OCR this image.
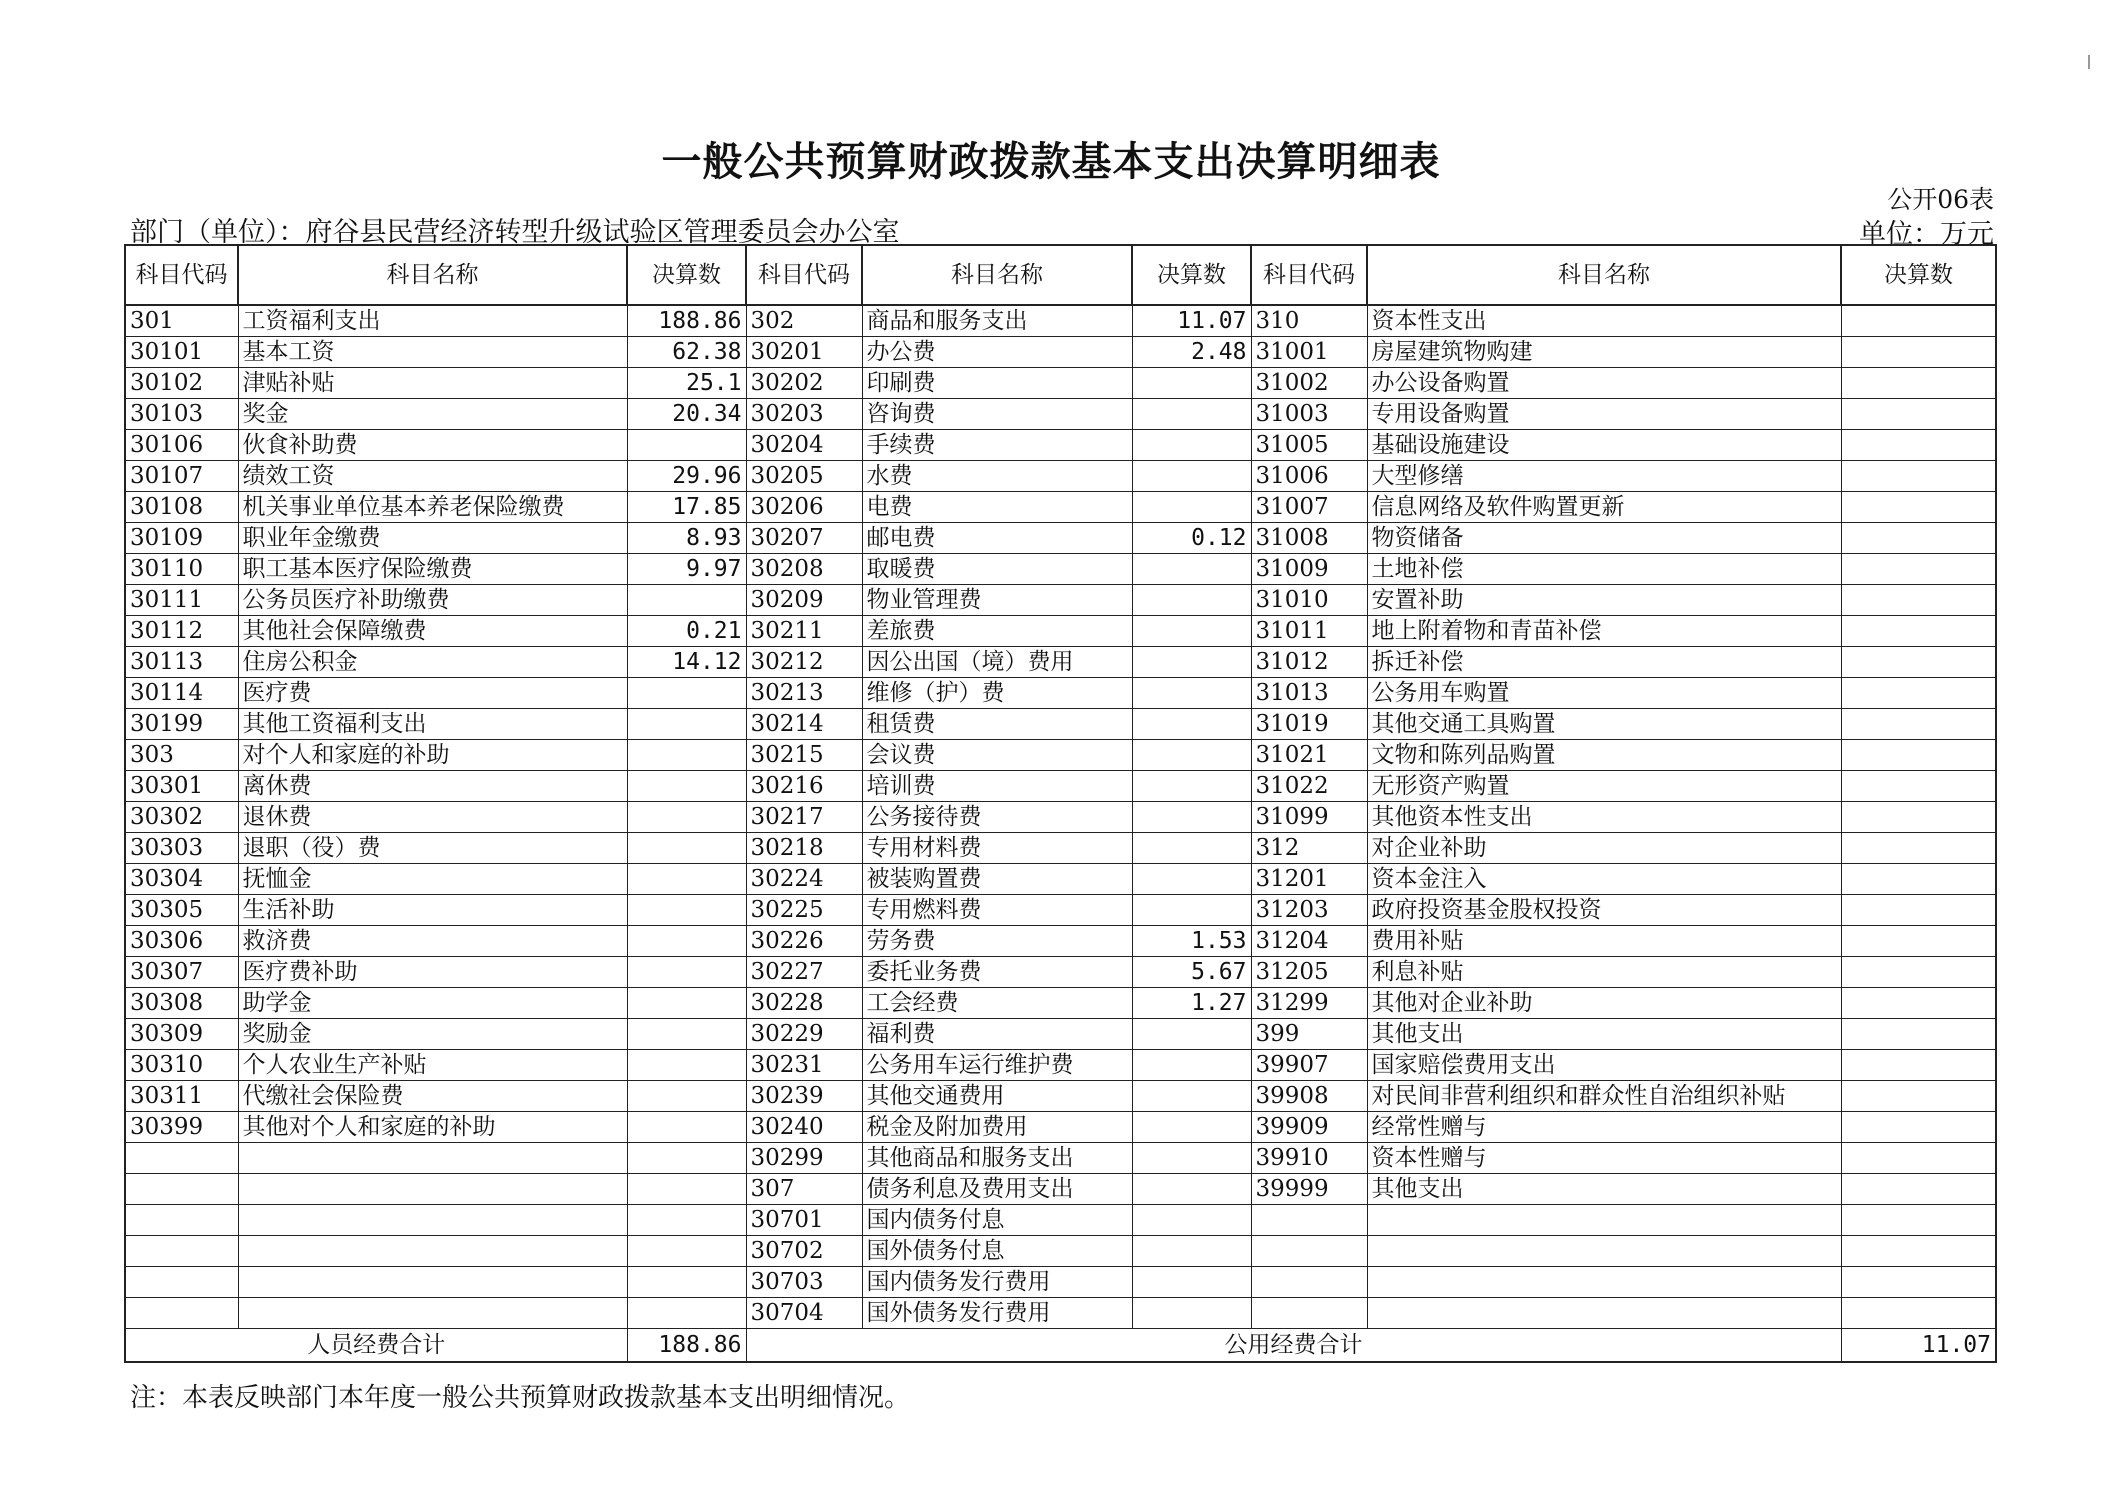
一般公共预算财政拨款基本支出决算明细表
公开06表
部门（单位）：府谷县民营经济转型升级试验区管理委员会办公室	单位：万元
科目代码	科目名称	决算数	科目代码	科目名称	决算数	科目代码	科目名称	决算数
301	工资福利支出	188.86	302	商品和服务支出	11.07	310	资本性支出	
30101	基本工资	62.38	30201	办公费	2.48	31001	房屋建筑物购建	
30102	津贴补贴	25.1	30202	印刷费		31002	办公设备购置	
30103	奖金	20.34	30203	咨询费		31003	专用设备购置	
30106	伙食补助费		30204	手续费		31005	基础设施建设	
30107	绩效工资	29.96	30205	水费		31006	大型修缮	
30108	机关事业单位基本养老保险缴费	17.85	30206	电费		31007	信息网络及软件购置更新	
30109	职业年金缴费	8.93	30207	邮电费	0.12	31008	物资储备	
30110	职工基本医疗保险缴费	9.97	30208	取暖费		31009	土地补偿	
30111	公务员医疗补助缴费		30209	物业管理费		31010	安置补助	
30112	其他社会保障缴费	0.21	30211	差旅费		31011	地上附着物和青苗补偿	
30113	住房公积金	14.12	30212	因公出国（境）费用		31012	拆迁补偿	
30114	医疗费		30213	维修（护）费		31013	公务用车购置	
30199	其他工资福利支出		30214	租赁费		31019	其他交通工具购置	
303	对个人和家庭的补助		30215	会议费		31021	文物和陈列品购置	
30301	离休费		30216	培训费		31022	无形资产购置	
30302	退休费		30217	公务接待费		31099	其他资本性支出	
30303	退职（役）费		30218	专用材料费		312	对企业补助	
30304	抚恤金		30224	被装购置费		31201	资本金注入	
30305	生活补助		30225	专用燃料费		31203	政府投资基金股权投资	
30306	救济费		30226	劳务费	1.53	31204	费用补贴	
30307	医疗费补助		30227	委托业务费	5.67	31205	利息补贴	
30308	助学金		30228	工会经费	1.27	31299	其他对企业补助	
30309	奖励金		30229	福利费		399	其他支出	
30310	个人农业生产补贴		30231	公务用车运行维护费		39907	国家赔偿费用支出	
30311	代缴社会保险费		30239	其他交通费用		39908	对民间非营利组织和群众性自治组织补贴	
30399	其他对个人和家庭的补助		30240	税金及附加费用		39909	经常性赠与	
			30299	其他商品和服务支出		39910	资本性赠与	
			307	债务利息及费用支出		39999	其他支出	
			30701	国内债务付息				
			30702	国外债务付息				
			30703	国内债务发行费用				
			30704	国外债务发行费用				
人员经费合计		188.86	公用经费合计					11.07
注：本表反映部门本年度一般公共预算财政拨款基本支出明细情况。
